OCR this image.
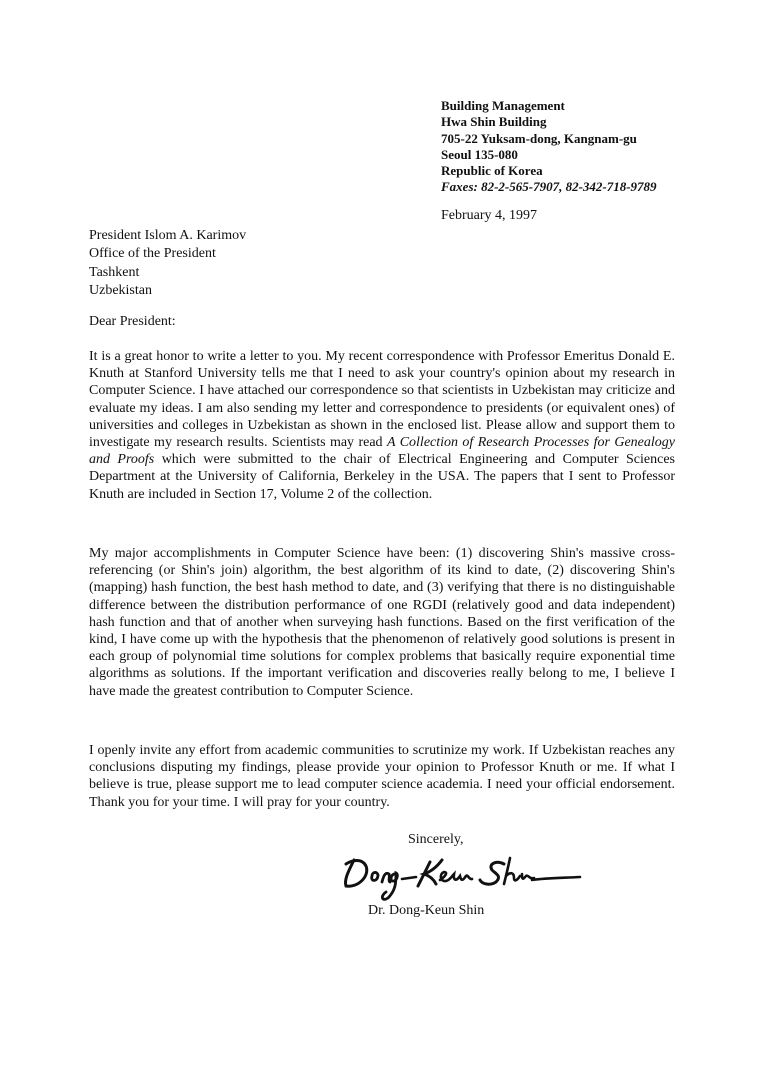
Building Management
Hwa Shin Building
705-22 Yuksam-dong, Kangnam-gu
Seoul 135-080
Republic of Korea
Faxes: 82-2-565-7907, 82-342-718-9789
February 4, 1997
President Islom A. Karimov
Office of the President
Tashkent
Uzbekistan
Dear President:

It is a great honor to write a letter to you. My recent correspondence with Professor Emeritus Donald E. Knuth at Stanford University tells me that I need to ask your country's opinion about my research in Computer Science. I have attached our correspondence so that scientists in Uzbekistan may criticize and evaluate my ideas. I am also sending my letter and correspondence to presidents (or equivalent ones) of universities and colleges in Uzbekistan as shown in the enclosed list. Please allow and support them to investigate my research results. Scientists may read A Collection of Research Processes for Genealogy and Proofs which were submitted to the chair of Electrical Engineering and Computer Sciences Department at the University of California, Berkeley in the USA. The papers that I sent to Professor Knuth are included in Section 17, Volume 2 of the collection.

My major accomplishments in Computer Science have been: (1) discovering Shin's massive cross-referencing (or Shin's join) algorithm, the best algorithm of its kind to date, (2) discovering Shin's (mapping) hash function, the best hash method to date, and (3) verifying that there is no distinguishable difference between the distribution performance of one RGDI (relatively good and data independent) hash function and that of another when surveying hash functions. Based on the first verification of the kind, I have come up with the hypothesis that the phenomenon of relatively good solutions is present in each group of polynomial time solutions for complex problems that basically require exponential time algorithms as solutions. If the important verification and discoveries really belong to me, I believe I have made the greatest contribution to Computer Science.

I openly invite any effort from academic communities to scrutinize my work. If Uzbekistan reaches any conclusions disputing my findings, please provide your opinion to Professor Knuth or me. If what I believe is true, please support me to lead computer science academia. I need your official endorsement. Thank you for your time. I will pray for your country.

Sincerely,
Dr. Dong-Keun Shin
